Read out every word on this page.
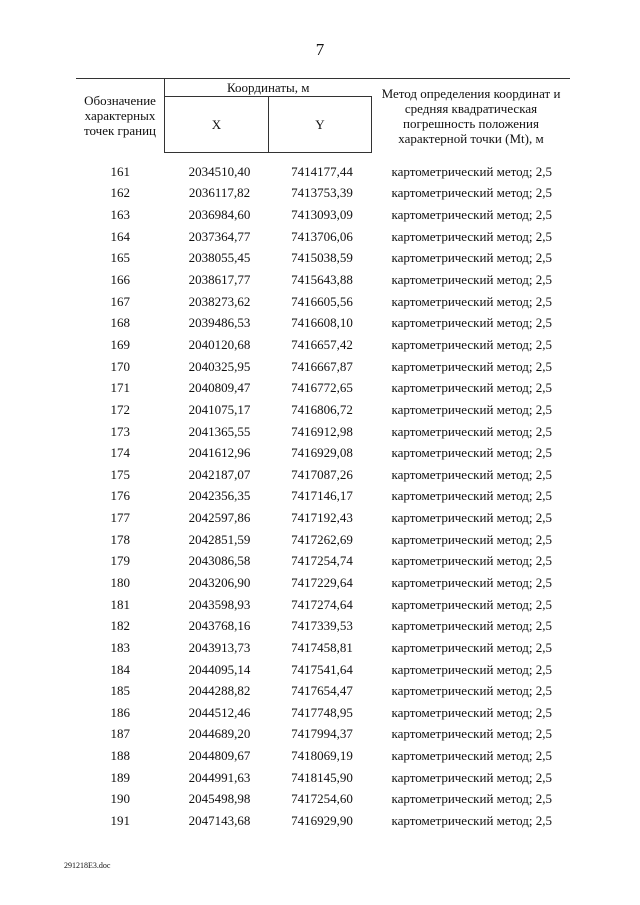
7
Обозначение характерных точек границ	Координаты, м		Метод определения координат и средняя квадратическая погрешность положения характерной точки (Mt), м
	X	Y	
161	2034510,40	7414177,44	картометрический метод; 2,5
162	2036117,82	7413753,39	картометрический метод; 2,5
163	2036984,60	7413093,09	картометрический метод; 2,5
164	2037364,77	7413706,06	картометрический метод; 2,5
165	2038055,45	7415038,59	картометрический метод; 2,5
166	2038617,77	7415643,88	картометрический метод; 2,5
167	2038273,62	7416605,56	картометрический метод; 2,5
168	2039486,53	7416608,10	картометрический метод; 2,5
169	2040120,68	7416657,42	картометрический метод; 2,5
170	2040325,95	7416667,87	картометрический метод; 2,5
171	2040809,47	7416772,65	картометрический метод; 2,5
172	2041075,17	7416806,72	картометрический метод; 2,5
173	2041365,55	7416912,98	картометрический метод; 2,5
174	2041612,96	7416929,08	картометрический метод; 2,5
175	2042187,07	7417087,26	картометрический метод; 2,5
176	2042356,35	7417146,17	картометрический метод; 2,5
177	2042597,86	7417192,43	картометрический метод; 2,5
178	2042851,59	7417262,69	картометрический метод; 2,5
179	2043086,58	7417254,74	картометрический метод; 2,5
180	2043206,90	7417229,64	картометрический метод; 2,5
181	2043598,93	7417274,64	картометрический метод; 2,5
182	2043768,16	7417339,53	картометрический метод; 2,5
183	2043913,73	7417458,81	картометрический метод; 2,5
184	2044095,14	7417541,64	картометрический метод; 2,5
185	2044288,82	7417654,47	картометрический метод; 2,5
186	2044512,46	7417748,95	картометрический метод; 2,5
187	2044689,20	7417994,37	картометрический метод; 2,5
188	2044809,67	7418069,19	картометрический метод; 2,5
189	2044991,63	7418145,90	картометрический метод; 2,5
190	2045498,98	7417254,60	картометрический метод; 2,5
191	2047143,68	7416929,90	картометрический метод; 2,5
291218E3.doc
